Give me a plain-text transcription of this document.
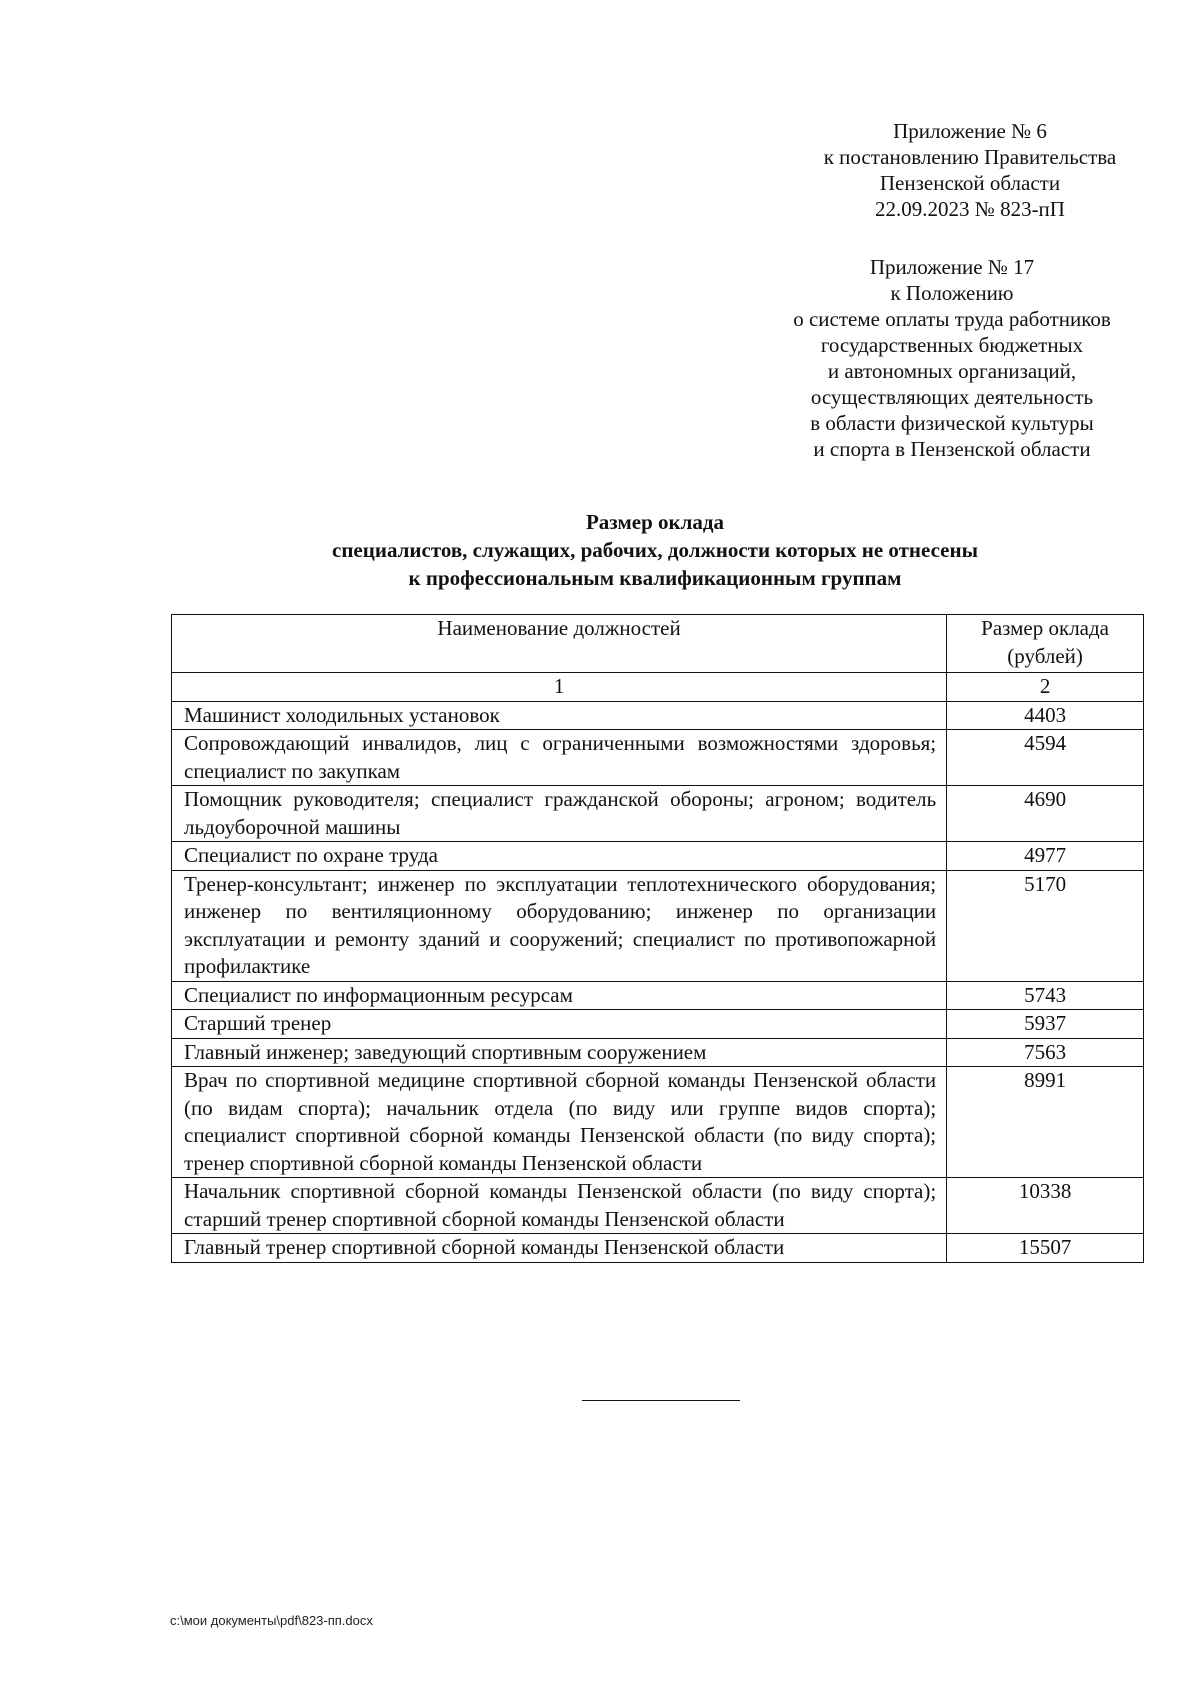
Приложение № 6
к постановлению Правительства
Пензенской области
22.09.2023 № 823-пП
Приложение № 17
к Положению
о системе оплаты труда работников
государственных бюджетных
и автономных организаций,
осуществляющих деятельность
в области физической культуры
и спорта в Пензенской области
Размер оклада
специалистов, служащих, рабочих, должности которых не отнесены
к профессиональным квалификационным группам
Наименование должностей	Размер оклада (рублей)
1	2
Машинист холодильных установок	4403
Сопровождающий инвалидов, лиц с ограниченными возможностями здоровья; специалист по закупкам	4594
Помощник руководителя; специалист гражданской обороны; агроном; водитель льдоуборочной машины	4690
Специалист по охране труда	4977
Тренер-консультант; инженер по эксплуатации теплотехнического оборудования; инженер по вентиляционному оборудованию; инженер по организации эксплуатации и ремонту зданий и сооружений; специалист по противопожарной профилактике	5170
Специалист по информационным ресурсам	5743
Старший тренер	5937
Главный инженер; заведующий спортивным сооружением	7563
Врач по спортивной медицине спортивной сборной команды Пензенской области (по видам спорта); начальник отдела (по виду или группе видов спорта); специалист спортивной сборной команды Пензенской области (по виду спорта); тренер спортивной сборной команды Пензенской области	8991
Начальник спортивной сборной команды Пензенской области (по виду спорта); старший тренер спортивной сборной команды Пензенской области	10338
Главный тренер спортивной сборной команды Пензенской области	15507
c:\мои документы\pdf\823-пп.docx
